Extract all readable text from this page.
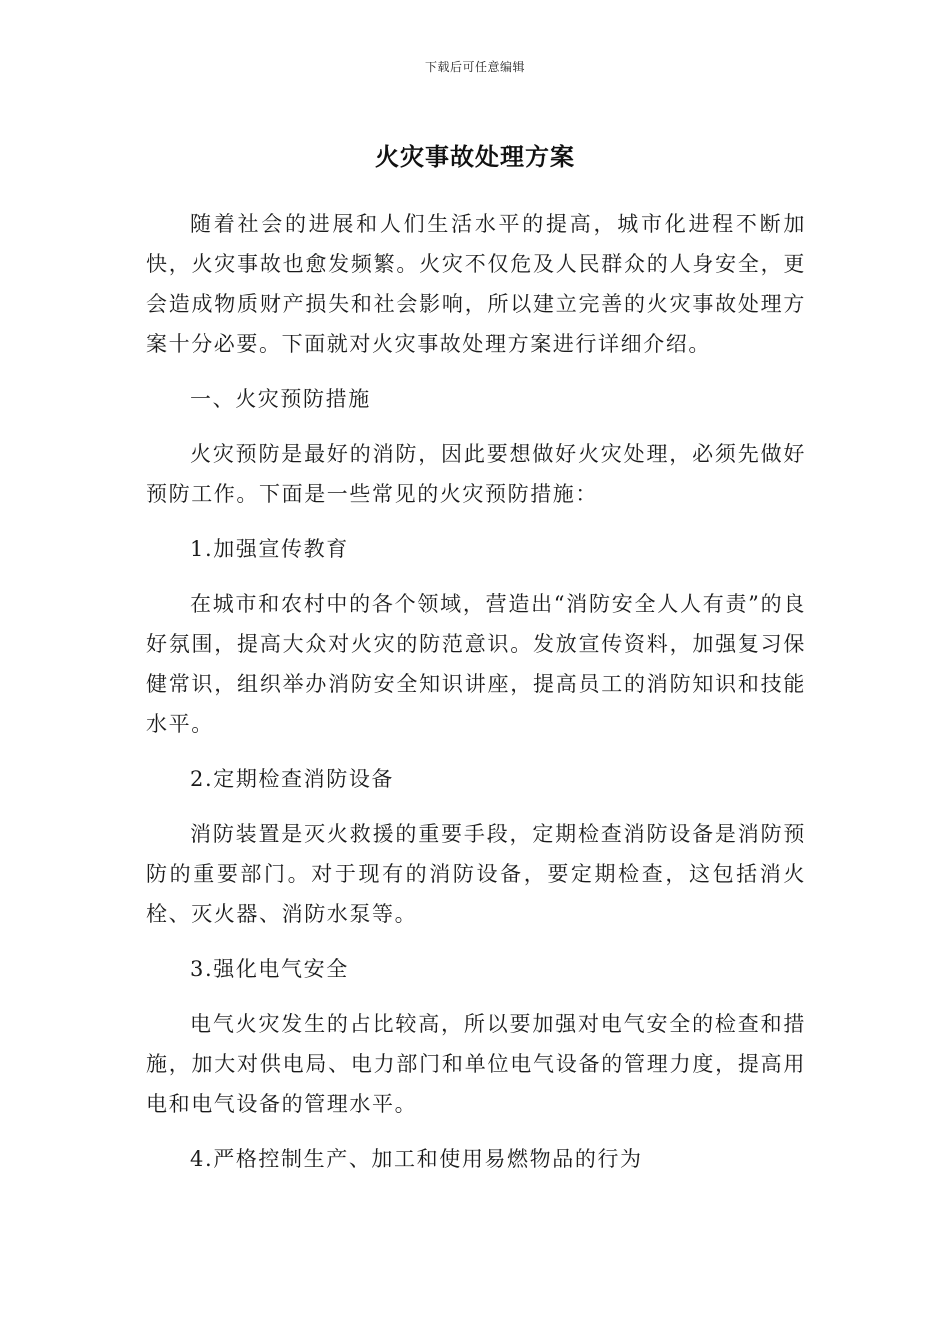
下载后可任意编辑
火灾事故处理方案

随着社会的进展和人们生活水平的提高，城市化进程不断加快，火灾事故也愈发频繁。火灾不仅危及人民群众的人身安全，更会造成物质财产损失和社会影响，所以建立完善的火灾事故处理方案十分必要。下面就对火灾事故处理方案进行详细介绍。

一、火灾预防措施

火灾预防是最好的消防，因此要想做好火灾处理，必须先做好预防工作。下面是一些常见的火灾预防措施：

1.加强宣传教育

在城市和农村中的各个领域，营造出“消防安全人人有责”的良好氛围，提高大众对火灾的防范意识。发放宣传资料，加强复习保健常识，组织举办消防安全知识讲座，提高员工的消防知识和技能水平。

2.定期检查消防设备

消防装置是灭火救援的重要手段，定期检查消防设备是消防预防的重要部门。对于现有的消防设备，要定期检查，这包括消火栓、灭火器、消防水泵等。

3.强化电气安全

电气火灾发生的占比较高，所以要加强对电气安全的检查和措施，加大对供电局、电力部门和单位电气设备的管理力度，提高用电和电气设备的管理水平。

4.严格控制生产、加工和使用易燃物品的行为
